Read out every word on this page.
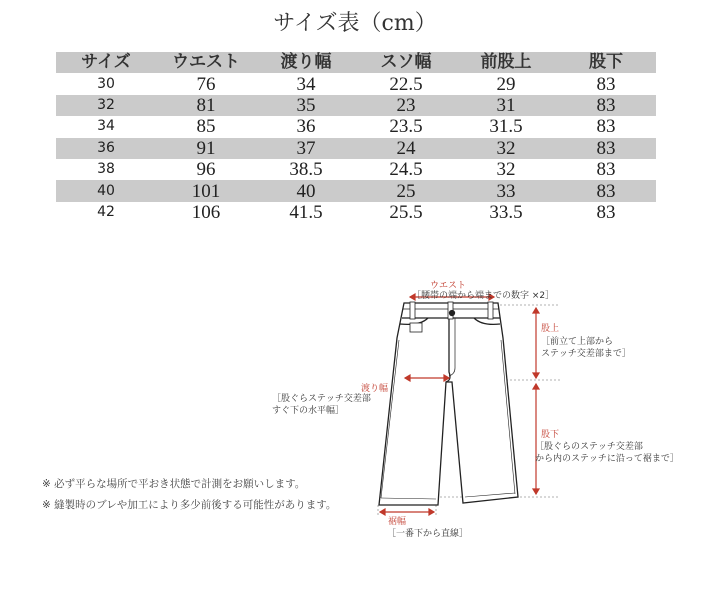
サイズ表（cm）
サイズ	ウエスト	渡り幅	スソ幅	前股上	股下
30	76	34	22.5	29	83
32	81	35	23	31	83
34	85	36	23.5	31.5	83
36	91	37	24	32	83
38	96	38.5	24.5	32	83
40	101	40	25	33	83
42	106	41.5	25.5	33.5	83
ウエスト
［腰帯の端から端までの数字 ×2］
股上
［前立て上部から
ステッチ交差部まで］
渡り幅
［股ぐらステッチ交差部
すぐ下の水平幅］
股下
［股ぐらのステッチ交差部
から内のステッチに沿って裾まで］
裾幅
［一番下から直線］
※ 必ず平らな場所で平おき状態で計測をお願いします。
※ 縫製時のブレや加工により多少前後する可能性があります。
